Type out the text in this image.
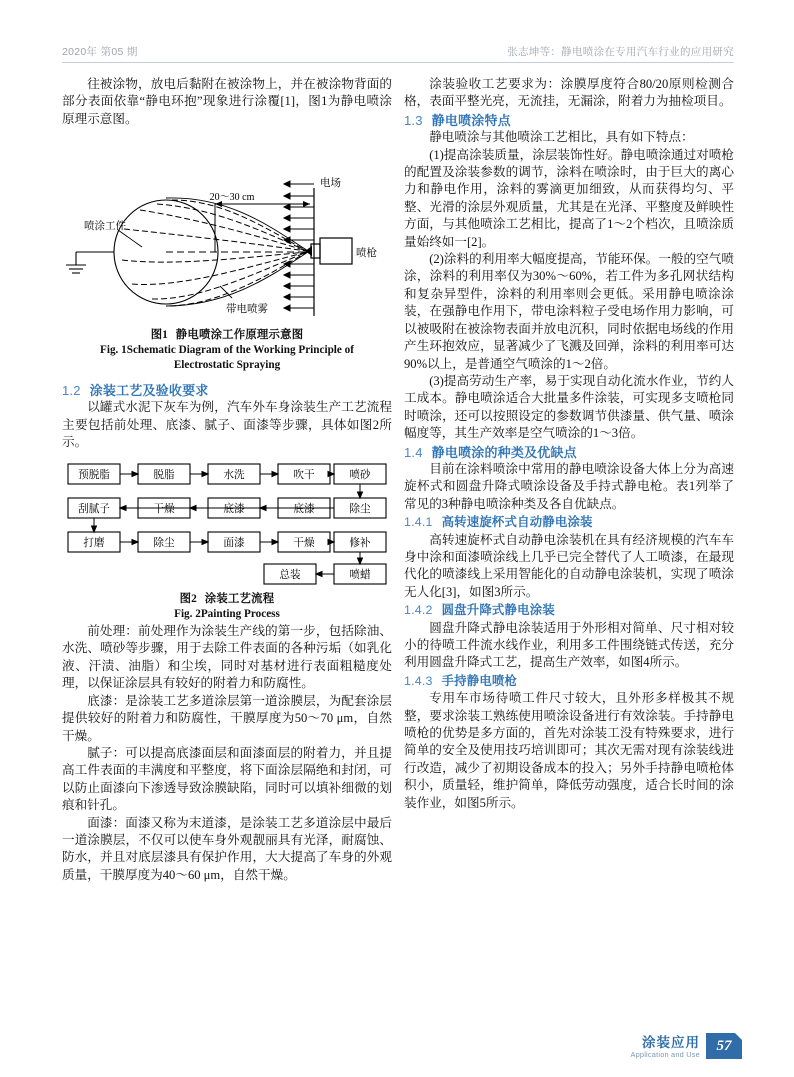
2020年 第05 期	张志坤等：静电喷涂在专用汽车行业的应用研究

往被涂物，放电后黏附在被涂物上，并在被涂物背面的部分表面依靠“静电环抱”现象进行涂覆[1]，图1为静电喷涂原理示意图。

喷涂工件
20～30 cm
电场
喷枪
带电喷雾

图1 静电喷涂工作原理示意图

Fig. 1Schematic Diagram of the Working Principle of

Electrostatic Spraying

1.2 涂装工艺及验收要求

以罐式水泥下灰车为例，汽车外车身涂装生产工艺流程主要包括前处理、底漆、腻子、面漆等步骤，具体如图2所示。

预脱脂	脱脂	水洗	吹干	喷砂
刮腻子	干燥	底漆	底漆	除尘
打磨	除尘	面漆	干燥	修补
总装	喷蜡

图2 涂装工艺流程

Fig. 2Painting Process

前处理：前处理作为涂装生产线的第一步，包括除油、水洗、喷砂等步骤，用于去除工件表面的各种污垢（如乳化液、汗渍、油脂）和尘埃，同时对基材进行表面粗糙度处理，以保证涂层具有较好的附着力和防腐性。

底漆：是涂装工艺多道涂层第一道涂膜层，为配套涂层提供较好的附着力和防腐性，干膜厚度为50～70 μm，自然干燥。

腻子：可以提高底漆面层和面漆面层的附着力，并且提高工件表面的丰满度和平整度，将下面涂层隔绝和封闭，可以防止面漆向下渗透导致涂膜缺陷，同时可以填补细微的划痕和针孔。

面漆：面漆又称为末道漆，是涂装工艺多道涂层中最后一道涂膜层，不仅可以使车身外观靓丽具有光泽，耐腐蚀、防水，并且对底层漆具有保护作用，大大提高了车身的外观质量，干膜厚度为40～60 μm，自然干燥。

涂装验收工艺要求为：涂膜厚度符合80/20原则检测合格，表面平整光亮，无流挂，无漏涂，附着力为抽检项目。

1.3 静电喷涂特点

静电喷涂与其他喷涂工艺相比，具有如下特点：

(1)提高涂装质量，涂层装饰性好。静电喷涂通过对喷枪的配置及涂装参数的调节，涂料在喷涂时，由于巨大的离心力和静电作用，涂料的雾滴更加细致，从而获得均匀、平整、光滑的涂层外观质量，尤其是在光泽、平整度及鲜映性方面，与其他喷涂工艺相比，提高了1～2个档次，且喷涂质量始终如一[2]。

(2)涂料的利用率大幅度提高，节能环保。一般的空气喷涂，涂料的利用率仅为30%～60%，若工件为多孔网状结构和复杂异型件，涂料的利用率则会更低。采用静电喷涂涂装，在强静电作用下，带电涂料粒子受电场作用力影响，可以被吸附在被涂物表面并放电沉积，同时依据电场线的作用产生环抱效应，显著减少了飞溅及回弹，涂料的利用率可达90%以上，是普通空气喷涂的1～2倍。

(3)提高劳动生产率，易于实现自动化流水作业，节约人工成本。静电喷涂适合大批量多件涂装，可实现多支喷枪同时喷涂，还可以按照设定的参数调节供漆量、供气量、喷涂幅度等，其生产效率是空气喷涂的1～3倍。

1.4 静电喷涂的种类及优缺点

目前在涂料喷涂中常用的静电喷涂设备大体上分为高速旋杯式和圆盘升降式喷涂设备及手持式静电枪。表1列举了常见的3种静电喷涂种类及各自优缺点。

1.4.1 高转速旋杯式自动静电涂装

高转速旋杯式自动静电涂装机在具有经济规模的汽车车身中涂和面漆喷涂线上几乎已完全替代了人工喷漆，在最现代化的喷漆线上采用智能化的自动静电涂装机，实现了喷涂无人化[3]，如图3所示。

1.4.2 圆盘升降式静电涂装

圆盘升降式静电涂装适用于外形相对简单、尺寸相对较小的待喷工件流水线作业，利用多工件围绕链式传送，充分利用圆盘升降式工艺，提高生产效率，如图4所示。

1.4.3 手持静电喷枪

专用车市场待喷工件尺寸较大，且外形多样极其不规整，要求涂装工熟练使用喷涂设备进行有效涂装。手持静电喷枪的优势是多方面的，首先对涂装工没有特殊要求，进行简单的安全及使用技巧培训即可；其次无需对现有涂装线进行改造，减少了初期设备成本的投入；另外手持静电喷枪体积小，质量轻，维护简单，降低劳动强度，适合长时间的涂装作业，如图5所示。

涂装应用
Application and Use
57
